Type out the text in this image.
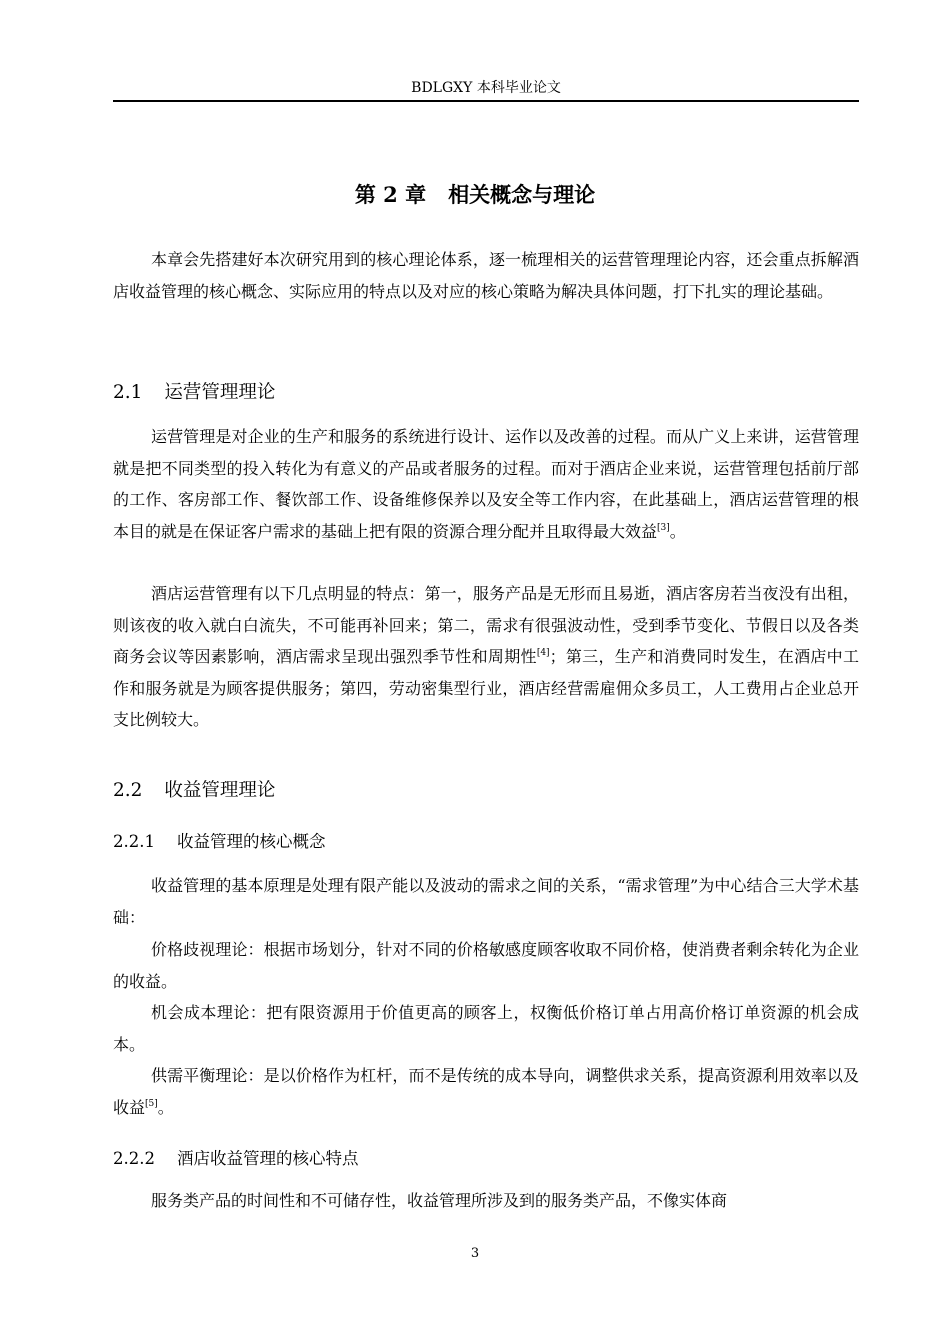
BDLGXY 本科毕业论文
第 2 章 相关概念与理论

本章会先搭建好本次研究用到的核心理论体系，逐一梳理相关的运营管理理论内容，还会重点拆解酒店收益管理的核心概念、实际应用的特点以及对应的核心策略为解决具体问题，打下扎实的理论基础。

2.1 运营管理理论

运营管理是对企业的生产和服务的系统进行设计、运作以及改善的过程。而从广义上来讲，运营管理就是把不同类型的投入转化为有意义的产品或者服务的过程。而对于酒店企业来说，运营管理包括前厅部的工作、客房部工作、餐饮部工作、设备维修保养以及安全等工作内容，在此基础上，酒店运营管理的根本目的就是在保证客户需求的基础上把有限的资源合理分配并且取得最大效益[3]。

酒店运营管理有以下几点明显的特点：第一，服务产品是无形而且易逝，酒店客房若当夜没有出租，则该夜的收入就白白流失，不可能再补回来；第二，需求有很强波动性，受到季节变化、节假日以及各类商务会议等因素影响，酒店需求呈现出强烈季节性和周期性[4]；第三，生产和消费同时发生，在酒店中工作和服务就是为顾客提供服务；第四，劳动密集型行业，酒店经营需雇佣众多员工，人工费用占企业总开支比例较大。

2.2 收益管理理论
2.2.1 收益管理的核心概念

收益管理的基本原理是处理有限产能以及波动的需求之间的关系，“需求管理”为中心结合三大学术基础：

价格歧视理论：根据市场划分，针对不同的价格敏感度顾客收取不同价格，使消费者剩余转化为企业的收益。

机会成本理论：把有限资源用于价值更高的顾客上，权衡低价格订单占用高价格订单资源的机会成本。

供需平衡理论：是以价格作为杠杆，而不是传统的成本导向，调整供求关系，提高资源利用效率以及收益[5]。

2.2.2 酒店收益管理的核心特点

服务类产品的时间性和不可储存性，收益管理所涉及到的服务类产品，不像实体商

3
